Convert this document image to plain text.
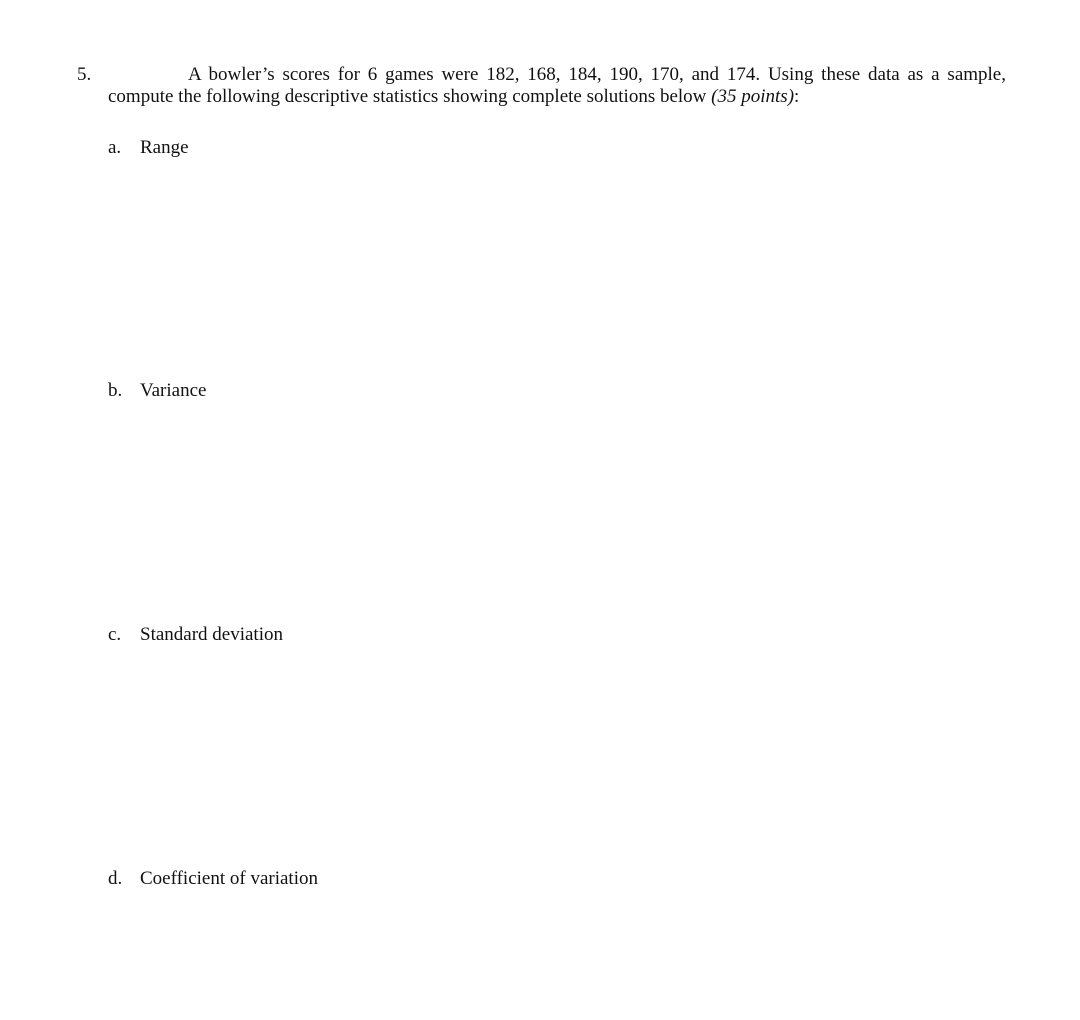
5.	A bowler’s scores for 6 games were 182, 168, 184, 190, 170, and 174. Using these data as a sample, compute the following descriptive statistics showing complete solutions below (35 points):
a. Range
b. Variance
c. Standard deviation
d. Coefficient of variation
